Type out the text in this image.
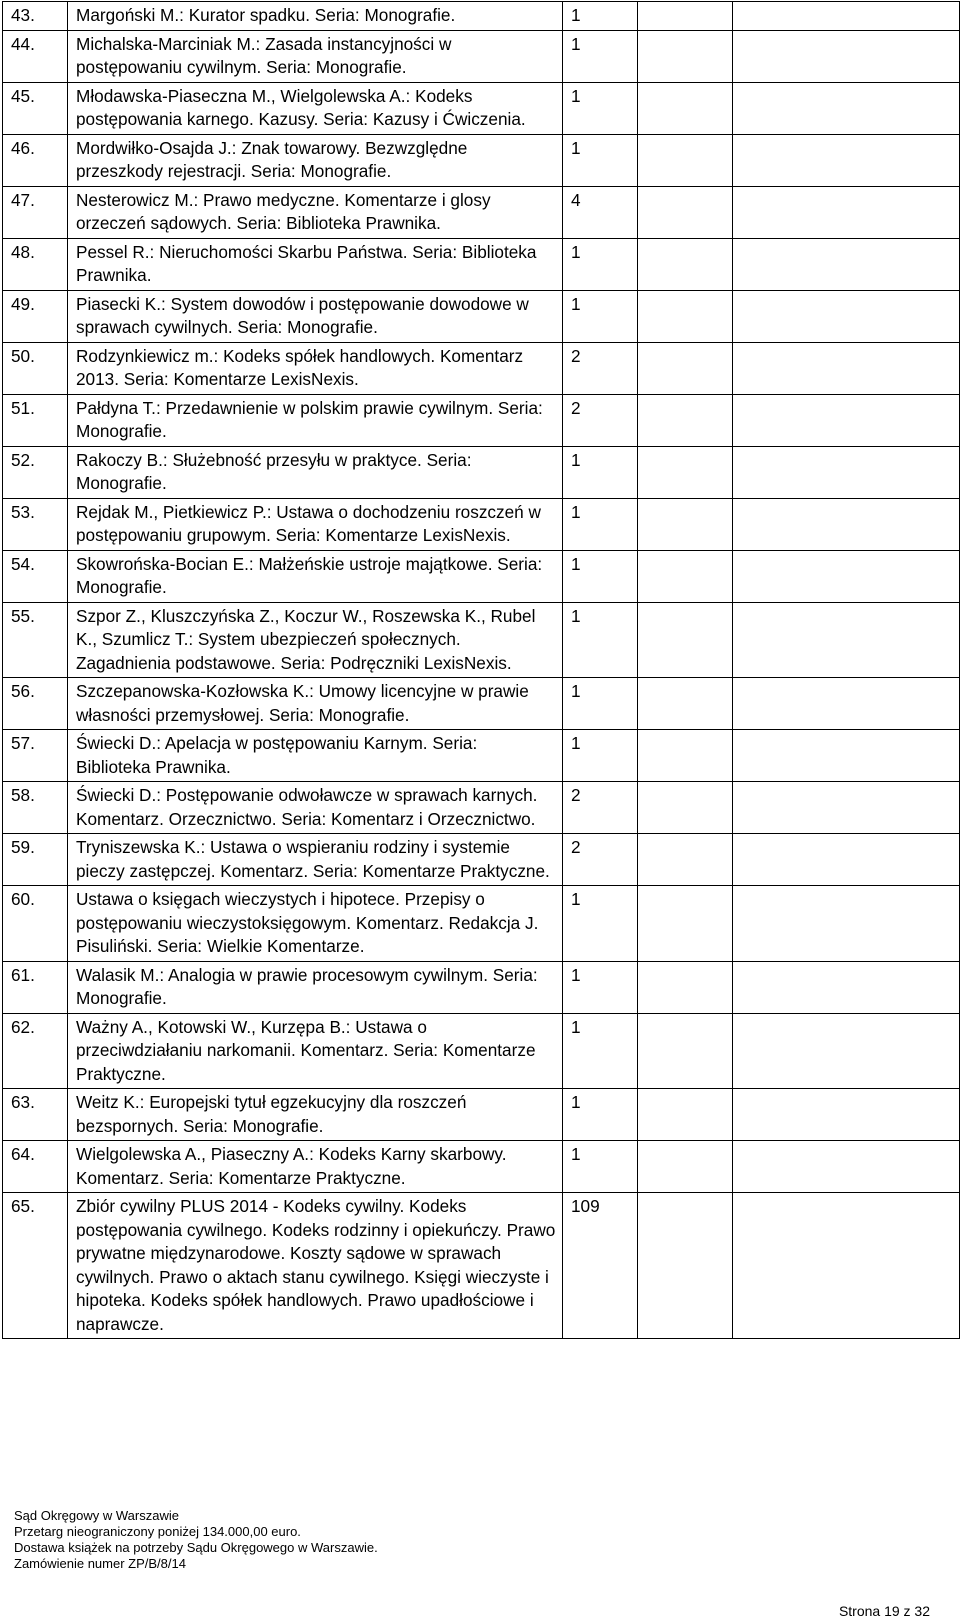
43.	Margoński M.: Kurator spadku. Seria: Monografie.	1		
44.	Michalska-Marciniak M.: Zasada instancyjności w postępowaniu cywilnym. Seria: Monografie.	1		
45.	Młodawska-Piaseczna M., Wielgolewska A.: Kodeks postępowania karnego. Kazusy. Seria: Kazusy i Ćwiczenia.	1		
46.	Mordwiłko-Osajda J.: Znak towarowy. Bezwzględne przeszkody rejestracji. Seria: Monografie.	1		
47.	Nesterowicz M.: Prawo medyczne. Komentarze i glosy orzeczeń sądowych. Seria: Biblioteka Prawnika.	4		
48.	Pessel R.: Nieruchomości Skarbu Państwa. Seria: Biblioteka Prawnika.	1		
49.	Piasecki K.: System dowodów i postępowanie dowodowe w sprawach cywilnych. Seria: Monografie.	1		
50.	Rodzynkiewicz m.: Kodeks spółek handlowych. Komentarz 2013. Seria: Komentarze LexisNexis.	2		
51.	Pałdyna T.: Przedawnienie w polskim prawie cywilnym. Seria: Monografie.	2		
52.	Rakoczy B.: Służebność przesyłu w praktyce. Seria: Monografie.	1		
53.	Rejdak M., Pietkiewicz P.: Ustawa o dochodzeniu roszczeń w postępowaniu grupowym. Seria: Komentarze LexisNexis.	1		
54.	Skowrońska-Bocian E.: Małżeńskie ustroje majątkowe. Seria: Monografie.	1		
55.	Szpor Z., Kluszczyńska Z., Koczur W., Roszewska K., Rubel K., Szumlicz T.: System ubezpieczeń społecznych. Zagadnienia podstawowe. Seria: Podręczniki LexisNexis.	1		
56.	Szczepanowska-Kozłowska K.: Umowy licencyjne w prawie własności przemysłowej. Seria: Monografie.	1		
57.	Świecki D.: Apelacja w postępowaniu Karnym. Seria: Biblioteka Prawnika.	1		
58.	Świecki D.: Postępowanie odwoławcze w sprawach karnych. Komentarz. Orzecznictwo. Seria: Komentarz i Orzecznictwo.	2		
59.	Tryniszewska K.: Ustawa o wspieraniu rodziny i systemie pieczy zastępczej. Komentarz. Seria: Komentarze Praktyczne.	2		
60.	Ustawa o księgach wieczystych i hipotece. Przepisy o postępowaniu wieczystoksięgowym. Komentarz. Redakcja J. Pisuliński. Seria: Wielkie Komentarze.	1		
61.	Walasik M.: Analogia w prawie procesowym cywilnym. Seria: Monografie.	1		
62.	Ważny A., Kotowski W., Kurzępa B.: Ustawa o przeciwdziałaniu narkomanii. Komentarz. Seria: Komentarze Praktyczne.	1		
63.	Weitz K.: Europejski tytuł egzekucyjny dla roszczeń bezspornych. Seria: Monografie.	1		
64.	Wielgolewska A., Piaseczny A.: Kodeks Karny skarbowy. Komentarz. Seria: Komentarze Praktyczne.	1		
65.	Zbiór cywilny PLUS 2014 - Kodeks cywilny. Kodeks postępowania cywilnego. Kodeks rodzinny i opiekuńczy. Prawo prywatne międzynarodowe. Koszty sądowe w sprawach cywilnych. Prawo o aktach stanu cywilnego. Księgi wieczyste i hipoteka. Kodeks spółek handlowych. Prawo upadłościowe i naprawcze.	109		
Sąd Okręgowy w Warszawie
Przetarg nieograniczony poniżej 134.000,00 euro.
Dostawa książek na potrzeby Sądu Okręgowego w Warszawie.
Zamówienie numer ZP/B/8/14
Strona 19 z 32
